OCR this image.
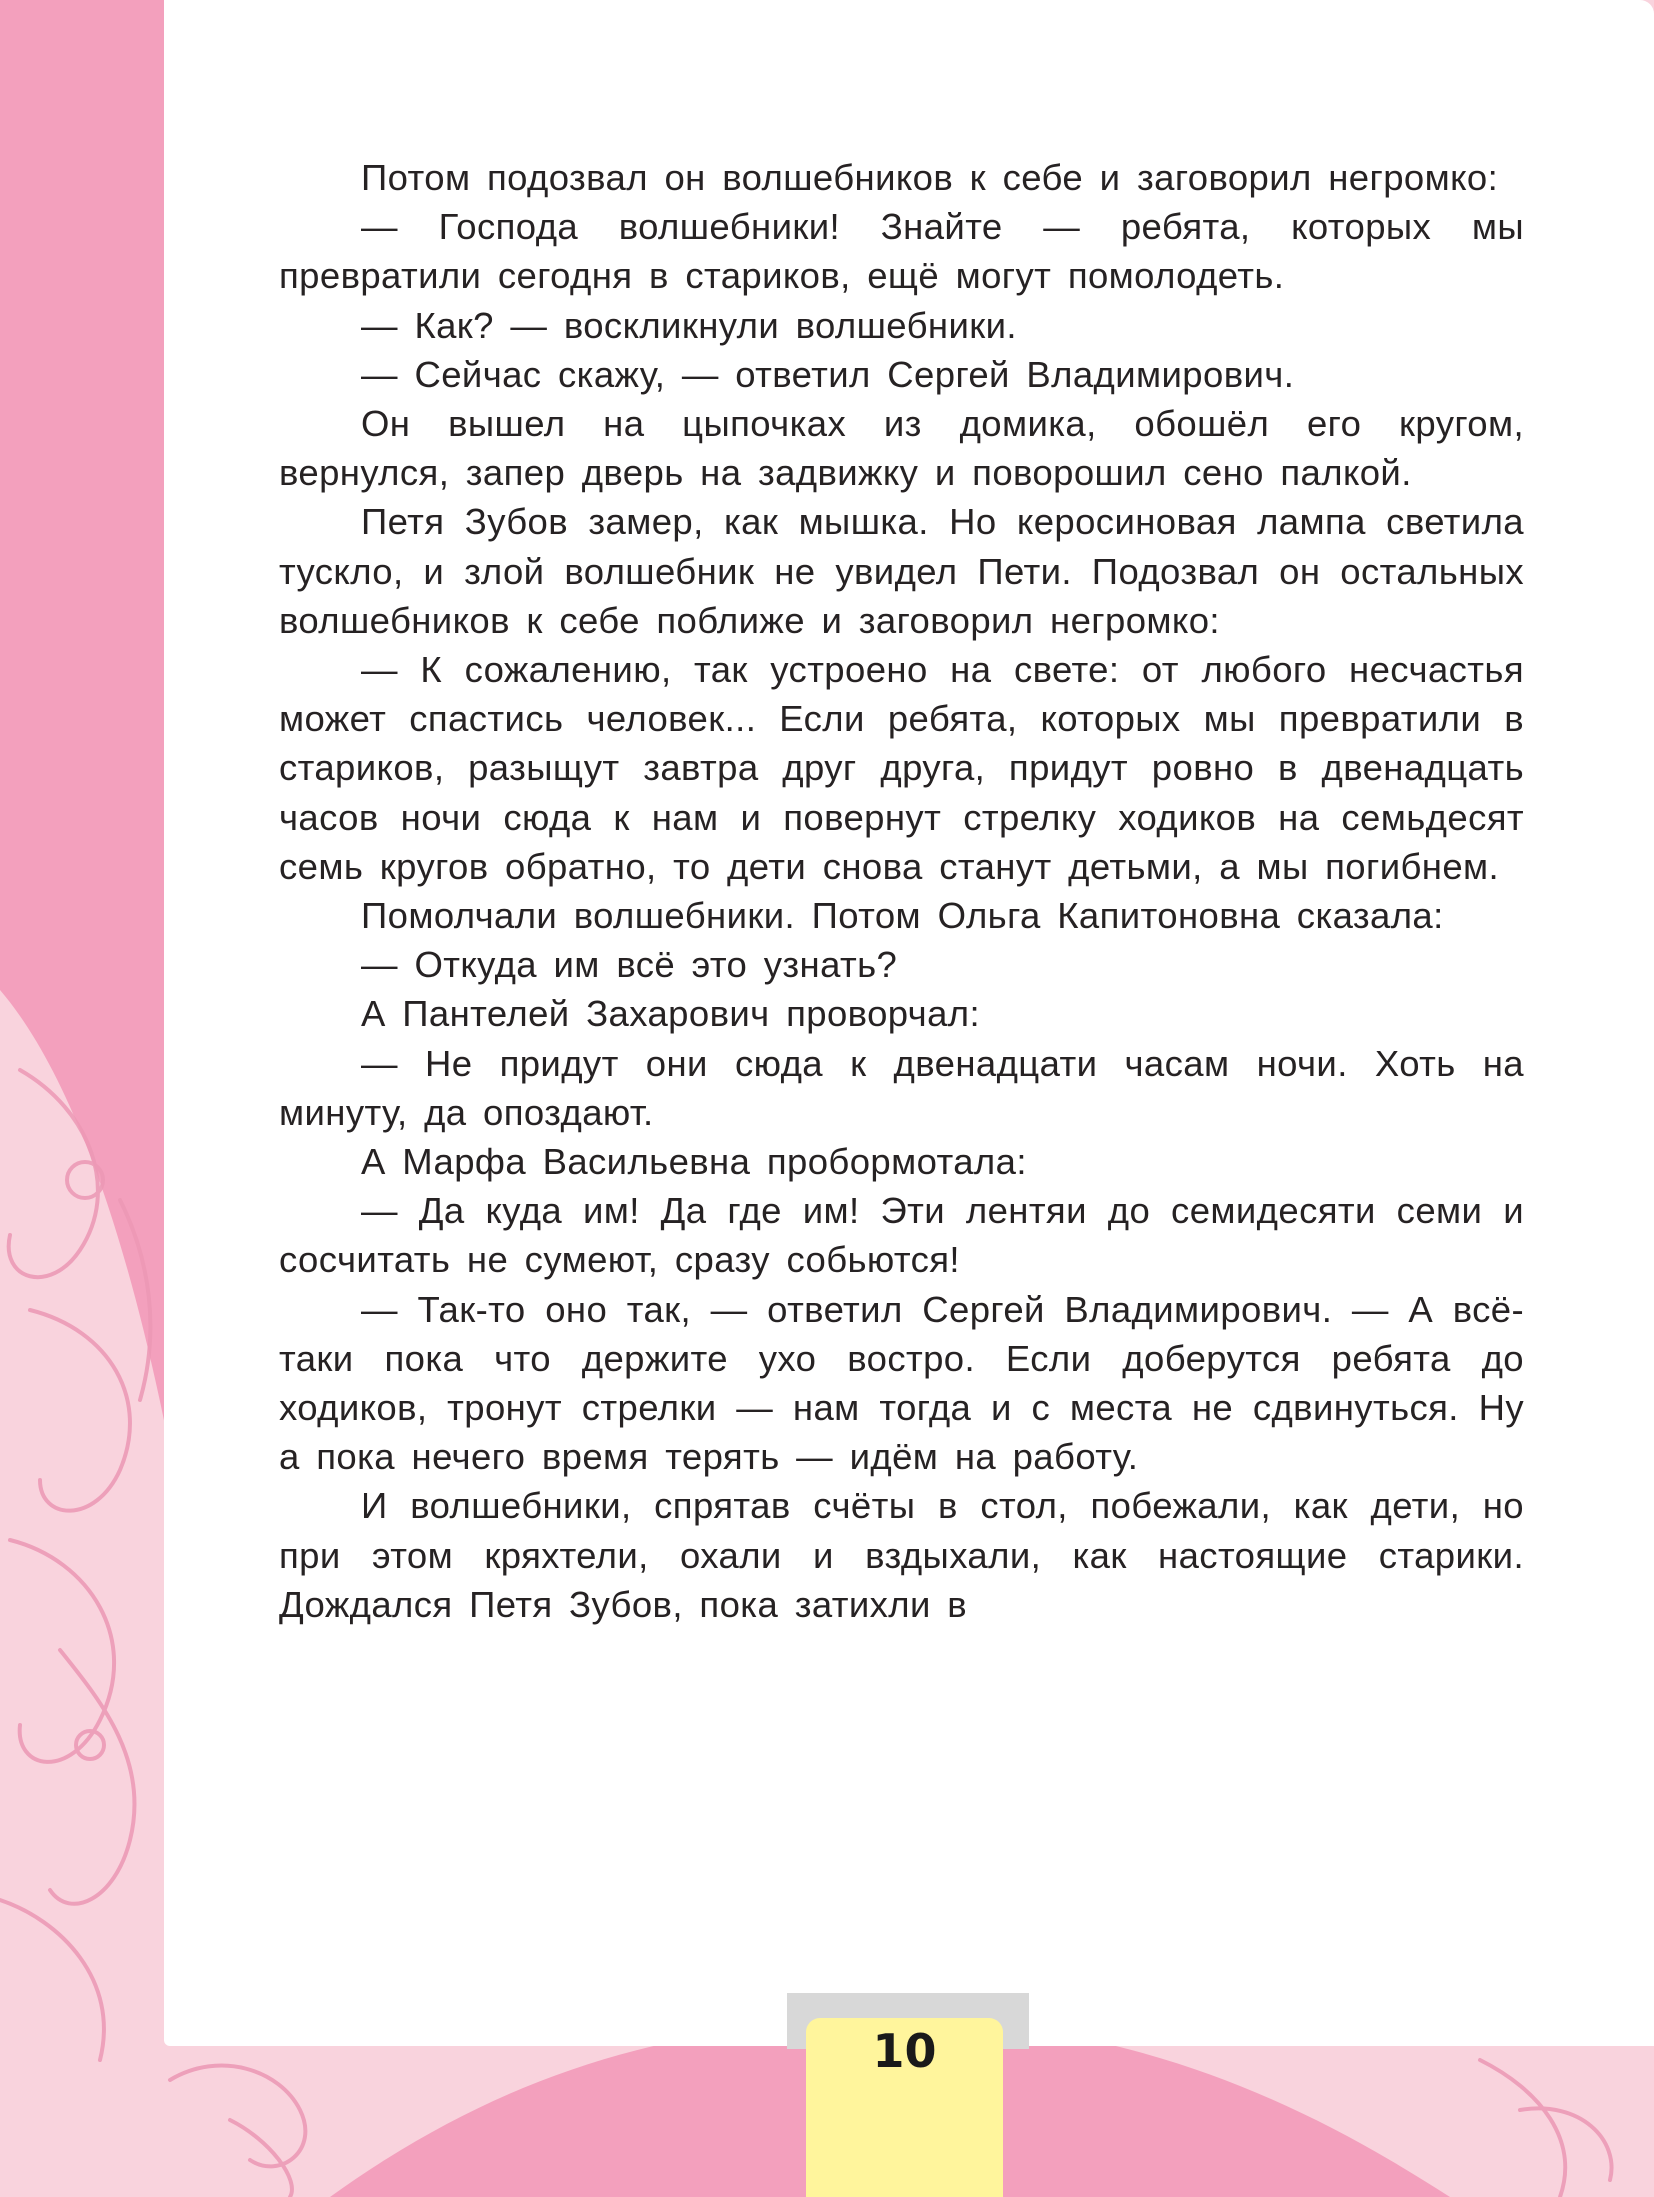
Потом подозвал он волшебников к себе и заговорил негромко:

— Господа волшебники! Знайте — ребята, которых мы превратили сегодня в стариков, ещё могут помолодеть.

— Как? — воскликнули волшебники.

— Сейчас скажу, — ответил Сергей Владимирович.

Он вышел на цыпочках из домика, обошёл его кругом, вернулся, запер дверь на задвижку и поворошил сено палкой.

Петя Зубов замер, как мышка. Но керосиновая лампа светила тускло, и злой волшебник не увидел Пети. Подозвал он остальных волшебников к себе поближе и заговорил негромко:

— К сожалению, так устроено на свете: от любого несчастья может спастись человек... Если ребята, которых мы превратили в стариков, разыщут завтра друг друга, придут ровно в двенадцать часов ночи сюда к нам и повернут стрелку ходиков на семьдесят семь кругов обратно, то дети снова станут детьми, а мы погибнем.

Помолчали волшебники. Потом Ольга Капитоновна сказала:

— Откуда им всё это узнать?

А Пантелей Захарович проворчал:

— Не придут они сюда к двенадцати часам ночи. Хоть на минуту, да опоздают.

А Марфа Васильевна пробормотала:

— Да куда им! Да где им! Эти лентяи до семидесяти семи и сосчитать не сумеют, сразу собьются!

— Так-то оно так, — ответил Сергей Владимирович. — А всё-таки пока что держите ухо востро. Если доберутся ребята до ходиков, тронут стрелки — нам тогда и с места не сдвинуться. Ну а пока нечего время терять — идём на работу.

И волшебники, спрятав счёты в стол, побежали, как дети, но при этом кряхтели, охали и вздыхали, как настоящие старики. Дождался Петя Зубов, пока затихли в

10
